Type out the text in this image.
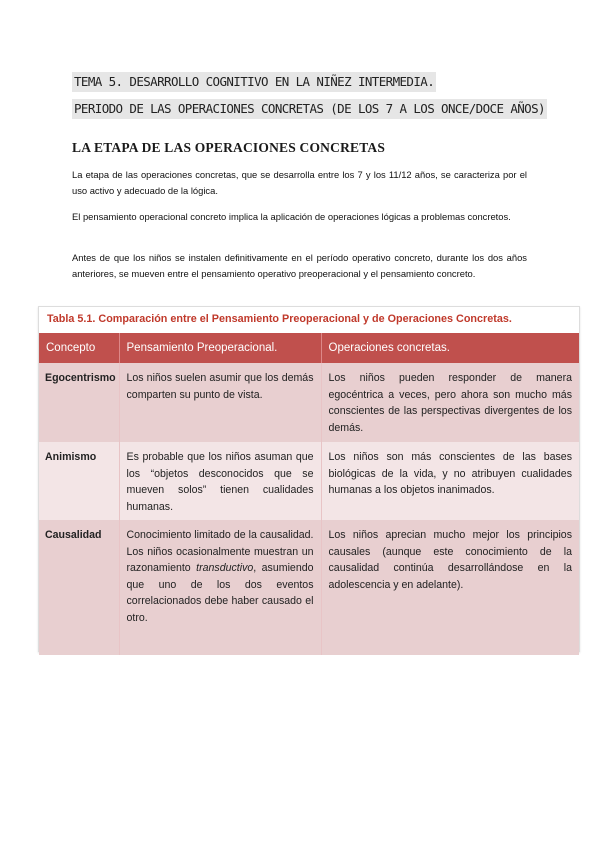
TEMA 5. DESARROLLO COGNITIVO EN LA NIÑEZ INTERMEDIA.
PERIODO DE LAS OPERACIONES CONCRETAS (DE LOS 7 A LOS ONCE/DOCE AÑOS)
LA ETAPA DE LAS OPERACIONES CONCRETAS

La etapa de las operaciones concretas, que se desarrolla entre los 7 y los 11/12 años, se caracteriza por el uso activo y adecuado de la lógica.

El pensamiento operacional concreto implica la aplicación de operaciones lógicas a problemas concretos.

Antes de que los niños se instalen definitivamente en el período operativo concreto, durante los dos años anteriores, se mueven entre el pensamiento operativo preoperacional y el pensamiento concreto.

Tabla 5.1. Comparación entre el Pensamiento Preoperacional y de Operaciones Concretas.
Concepto	Pensamiento Preoperacional.	Operaciones concretas.
Egocentrismo	Los niños suelen asumir que los demás comparten su punto de vista.	Los niños pueden responder de manera egocéntrica a veces, pero ahora son mucho más conscientes de las perspectivas divergentes de los demás.
Animismo	Es probable que los niños asuman que los “objetos desconocidos que se mueven solos” tienen cualidades humanas.	Los niños son más conscientes de las bases biológicas de la vida, y no atribuyen cualidades humanas a los objetos inanimados.
Causalidad	Conocimiento limitado de la causalidad. Los niños ocasionalmente muestran un razonamiento transductivo, asumiendo que uno de los dos eventos correlacionados debe haber causado el otro.	Los niños aprecian mucho mejor los principios causales (aunque este conocimiento de la causalidad continúa desarrollándose en la adolescencia y en adelante).
